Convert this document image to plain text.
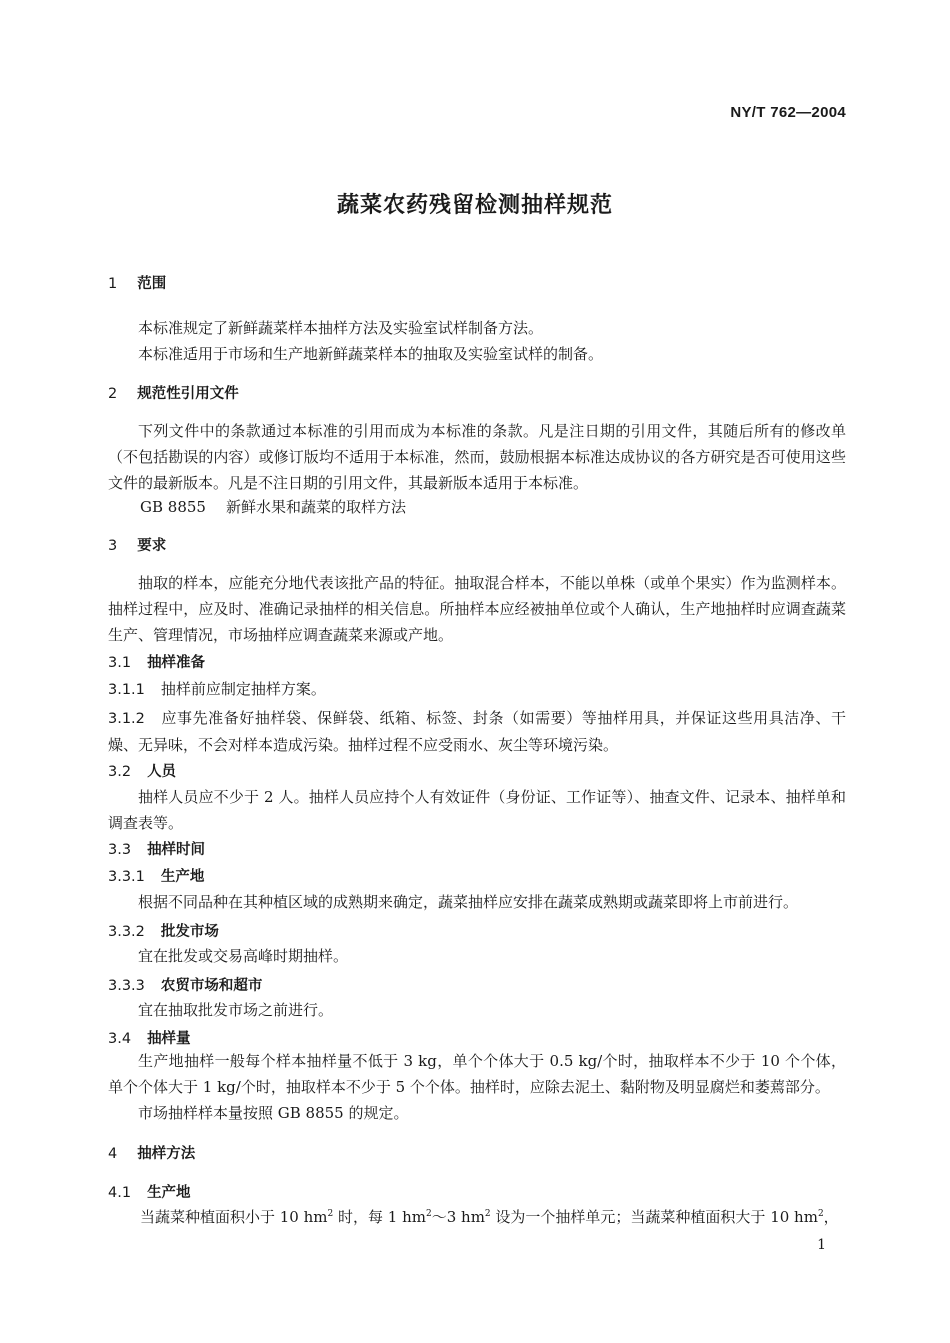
NY/T 762—2004
蔬菜农药残留检测抽样规范
1 范围
本标准规定了新鲜蔬菜样本抽样方法及实验室试样制备方法。
本标准适用于市场和生产地新鲜蔬菜样本的抽取及实验室试样的制备。
2 规范性引用文件
下列文件中的条款通过本标准的引用而成为本标准的条款。凡是注日期的引用文件，其随后所有的修改单（不包括勘误的内容）或修订版均不适用于本标准，然而，鼓励根据本标准达成协议的各方研究是否可使用这些文件的最新版本。凡是不注日期的引用文件，其最新版本适用于本标准。
GB 8855 新鲜水果和蔬菜的取样方法
3 要求
抽取的样本，应能充分地代表该批产品的特征。抽取混合样本，不能以单株（或单个果实）作为监测样本。抽样过程中，应及时、准确记录抽样的相关信息。所抽样本应经被抽单位或个人确认，生产地抽样时应调查蔬菜生产、管理情况，市场抽样应调查蔬菜来源或产地。
3.1 抽样准备
3.1.1 抽样前应制定抽样方案。
3.1.2 应事先准备好抽样袋、保鲜袋、纸箱、标签、封条（如需要）等抽样用具，并保证这些用具洁净、干燥、无异味，不会对样本造成污染。抽样过程不应受雨水、灰尘等环境污染。
3.2 人员
抽样人员应不少于 2 人。抽样人员应持个人有效证件（身份证、工作证等）、抽查文件、记录本、抽样单和调查表等。
3.3 抽样时间
3.3.1 生产地
根据不同品种在其种植区域的成熟期来确定，蔬菜抽样应安排在蔬菜成熟期或蔬菜即将上市前进行。
3.3.2 批发市场
宜在批发或交易高峰时期抽样。
3.3.3 农贸市场和超市
宜在抽取批发市场之前进行。
3.4 抽样量
生产地抽样一般每个样本抽样量不低于 3 kg，单个个体大于 0.5 kg/个时，抽取样本不少于 10 个个体，单个个体大于 1 kg/个时，抽取样本不少于 5 个个体。抽样时，应除去泥土、黏附物及明显腐烂和萎蔫部分。
市场抽样样本量按照 GB 8855 的规定。
4 抽样方法
4.1 生产地
当蔬菜种植面积小于 10 $hm^2$ 时，每 1 $hm^2\sim 3$ $hm^2$ 设为一个抽样单元；当蔬菜种植面积大于 10 $hm^2$，
1
